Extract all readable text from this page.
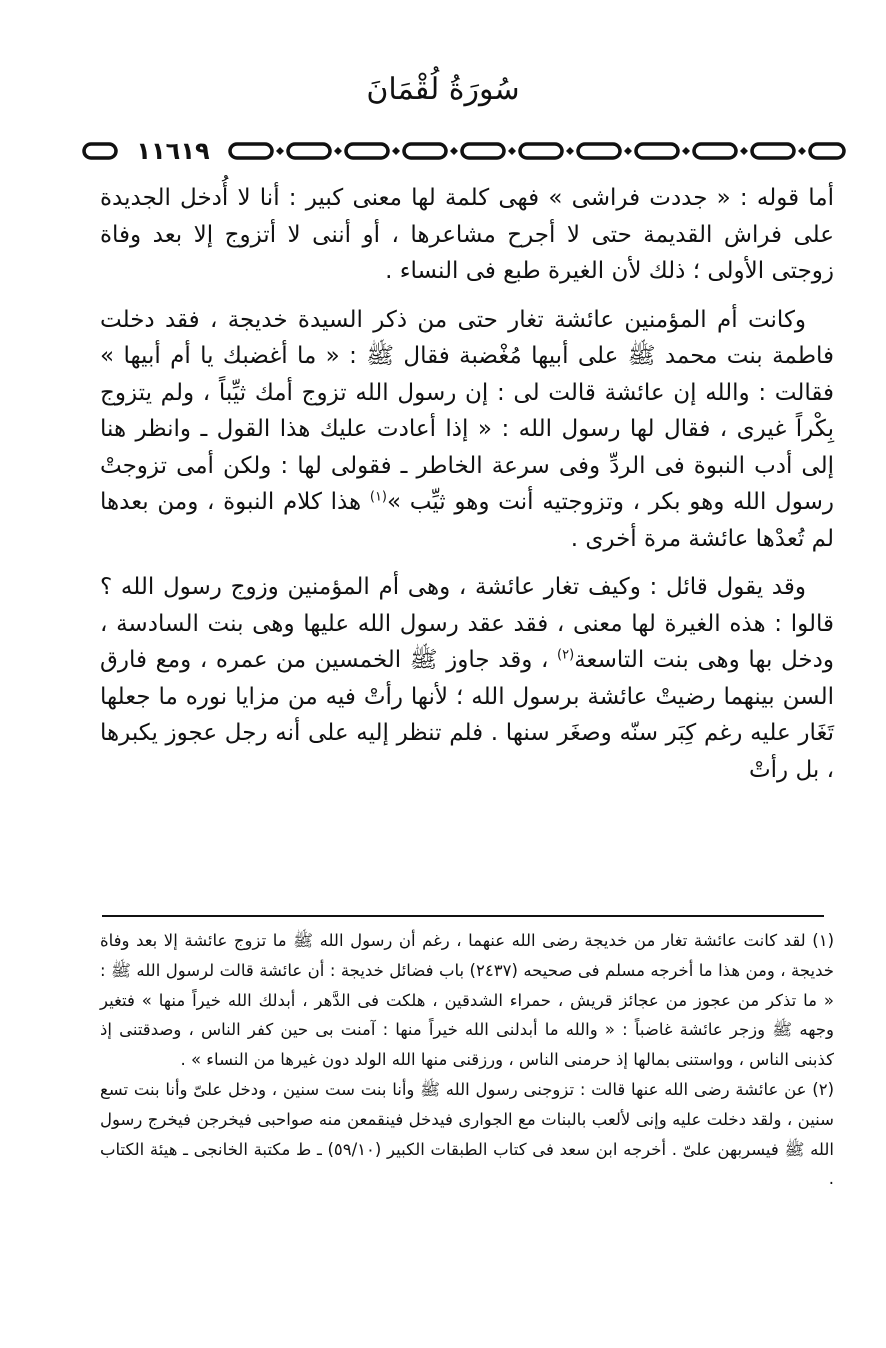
سُورَةُ لُقْمَانَ
١١٦١٩

أما قوله : « جددت فراشى » فهى كلمة لها معنى كبير : أنا لا أُدخل الجديدة على فراش القديمة حتى لا أجرح مشاعرها ، أو أننى لا أتزوج إلا بعد وفاة زوجتى الأولى ؛ ذلك لأن الغيرة طبع فى النساء .

وكانت أم المؤمنين عائشة تغار حتى من ذكر السيدة خديجة ، فقد دخلت فاطمة بنت محمد ﷺ على أبيها مُغْضبة فقال ﷺ : « ما أغضبك يا أم أبيها » فقالت : والله إن عائشة قالت لى : إن رسول الله تزوج أمك ثيِّباً ، ولم يتزوج بِكْراً غيرى ، فقال لها رسول الله : « إذا أعادت عليك هذا القول ـ وانظر هنا إلى أدب النبوة فى الردِّ وفى سرعة الخاطر ـ فقولى لها : ولكن أمى تزوجتْ رسول الله وهو بكر ، وتزوجتيه أنت وهو ثيِّب »$^{(١)}$ هذا كلام النبوة ، ومن بعدها لم تُعدْها عائشة مرة أخرى .

وقد يقول قائل : وكيف تغار عائشة ، وهى أم المؤمنين وزوج رسول الله ؟ قالوا : هذه الغيرة لها معنى ، فقد عقد رسول الله عليها وهى بنت السادسة ، ودخل بها وهى بنت التاسعة$^{(٢)}$ ، وقد جاوز ﷺ الخمسين من عمره ، ومع فارق السن بينهما رضيتْ عائشة برسول الله ؛ لأنها رأتْ فيه من مزايا نوره ما جعلها تَغَار عليه رغم كِبَر سنّه وصغَر سنها . فلم تنظر إليه على أنه رجل عجوز يكبرها ، بل رأتْ

(١) لقد كانت عائشة تغار من خديجة رضى الله عنهما ، رغم أن رسول الله ﷺ ما تزوج عائشة إلا بعد وفاة خديجة ، ومن هذا ما أخرجه مسلم فى صحيحه (٢٤٣٧) باب فضائل خديجة : أن عائشة قالت لرسول الله ﷺ : « ما تذكر من عجوز من عجائز قريش ، حمراء الشدقين ، هلكت فى الدَّهر ، أبدلك الله خيراً منها » فتغير وجهه ﷺ وزجر عائشة غاضباً : « والله ما أبدلنى الله خيراً منها : آمنت بى حين كفر الناس ، وصدقتنى إذ كذبنى الناس ، وواستنى بمالها إذ حرمنى الناس ، ورزقنى منها الله الولد دون غيرها من النساء » .

(٢) عن عائشة رضى الله عنها قالت : تزوجنى رسول الله ﷺ وأنا بنت ست سنين ، ودخل علىّ وأنا بنت تسع سنين ، ولقد دخلت عليه وإنى لألعب بالبنات مع الجوارى فيدخل فينقمعن منه صواحبى فيخرجن فيخرج رسول الله ﷺ فيسربهن علىّ . أخرجه ابن سعد فى كتاب الطبقات الكبير (٥٩/١٠) ـ ط مكتبة الخانجى ـ هيئة الكتاب .
